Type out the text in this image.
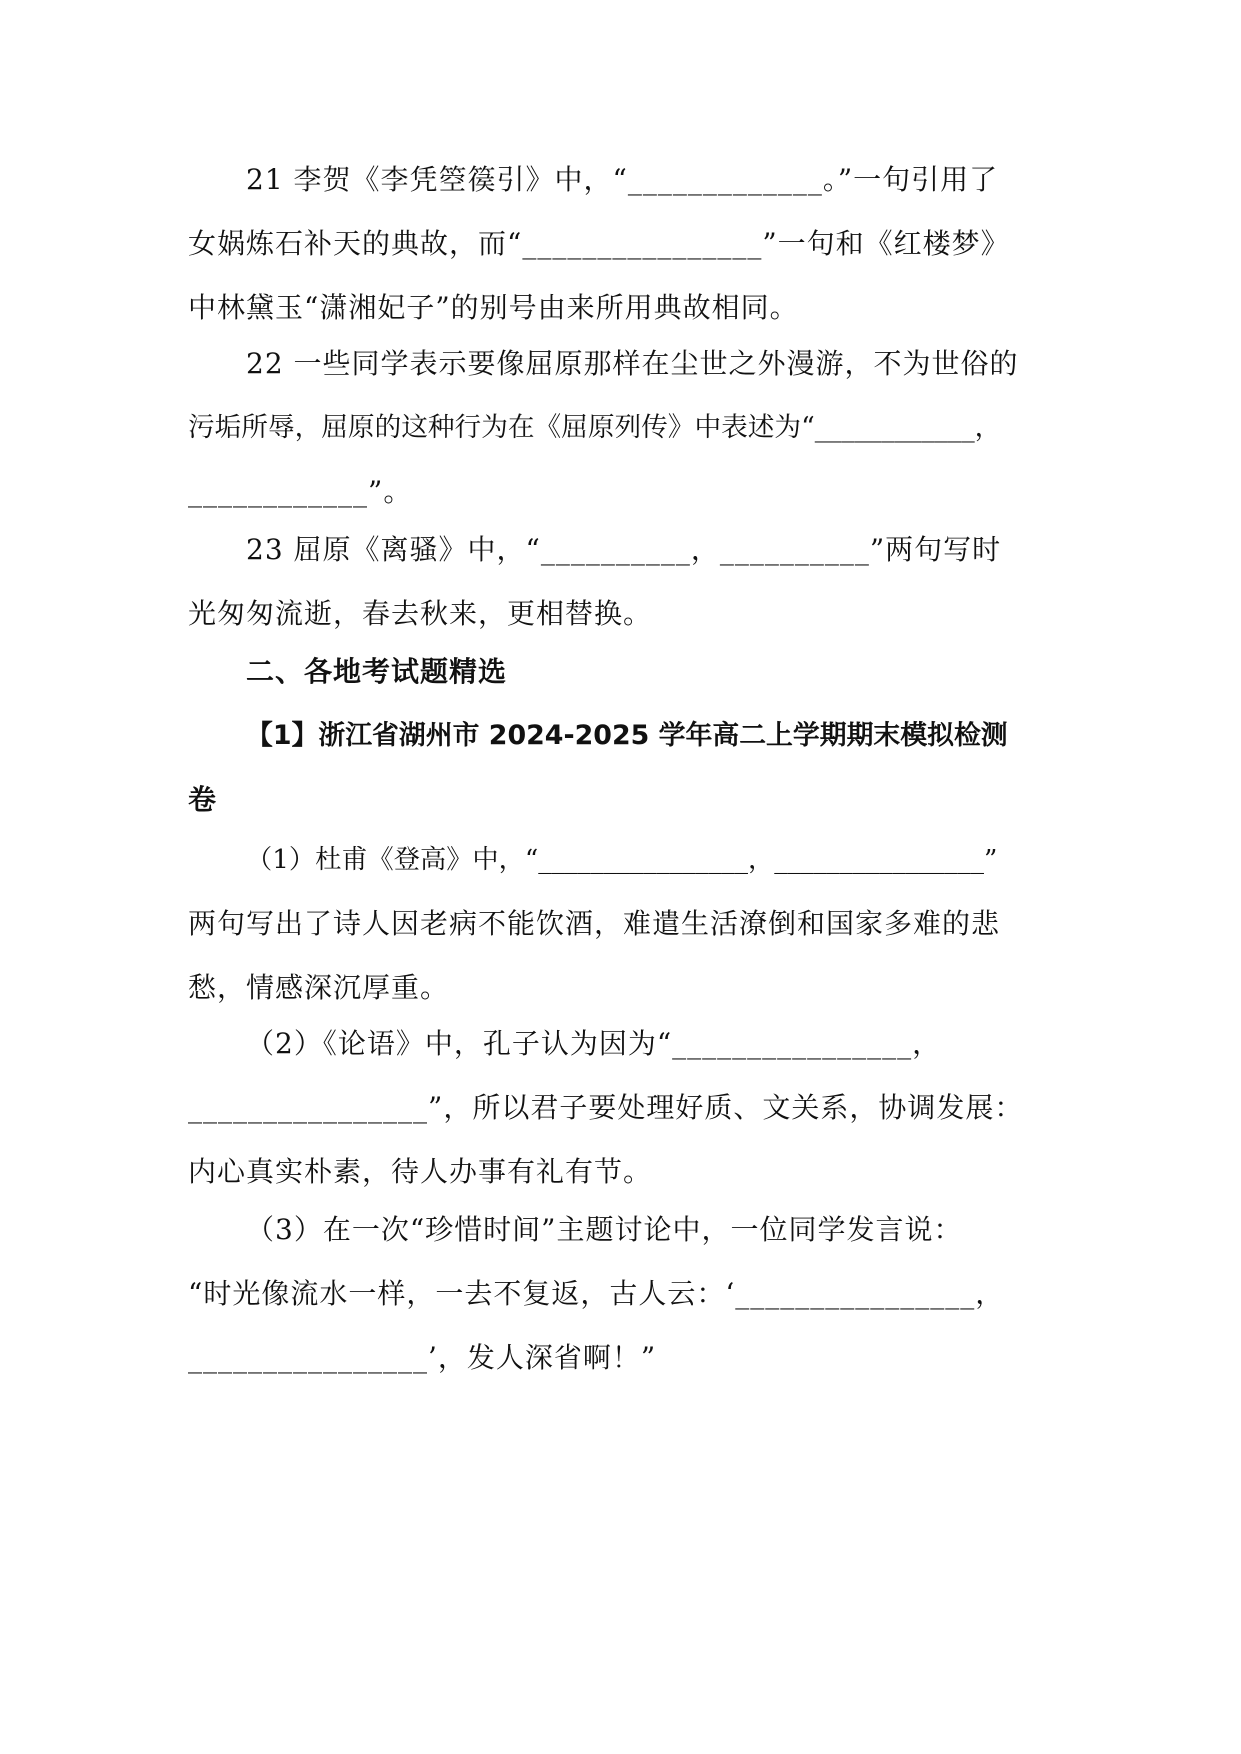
21 李贺《李凭箜篌引》中，“_____________。”一句引用了
女娲炼石补天的典故，而“________________”一句和《红楼梦》
中林黛玉“潇湘妃子”的别号由来所用典故相同。
22 一些同学表示要像屈原那样在尘世之外漫游，不为世俗的
污垢所辱，屈原的这种行为在《屈原列传》中表述为“____________，
____________”。
23 屈原《离骚》中，“__________，__________”两句写时
光匆匆流逝，春去秋来，更相替换。
二、各地考试题精选
【1】浙江省湖州市 2024-2025 学年高二上学期期末模拟检测
卷
（1）杜甫《登高》中，“________________，________________”
两句写出了诗人因老病不能饮酒，难遣生活潦倒和国家多难的悲
愁，情感深沉厚重。
（2）《论语》中，孔子认为因为“________________，
________________”，所以君子要处理好质、文关系，协调发展：
内心真实朴素，待人办事有礼有节。
（3）在一次“珍惜时间”主题讨论中，一位同学发言说：
“时光像流水一样，一去不复返，古人云：‘________________，
________________’，发人深省啊！”
